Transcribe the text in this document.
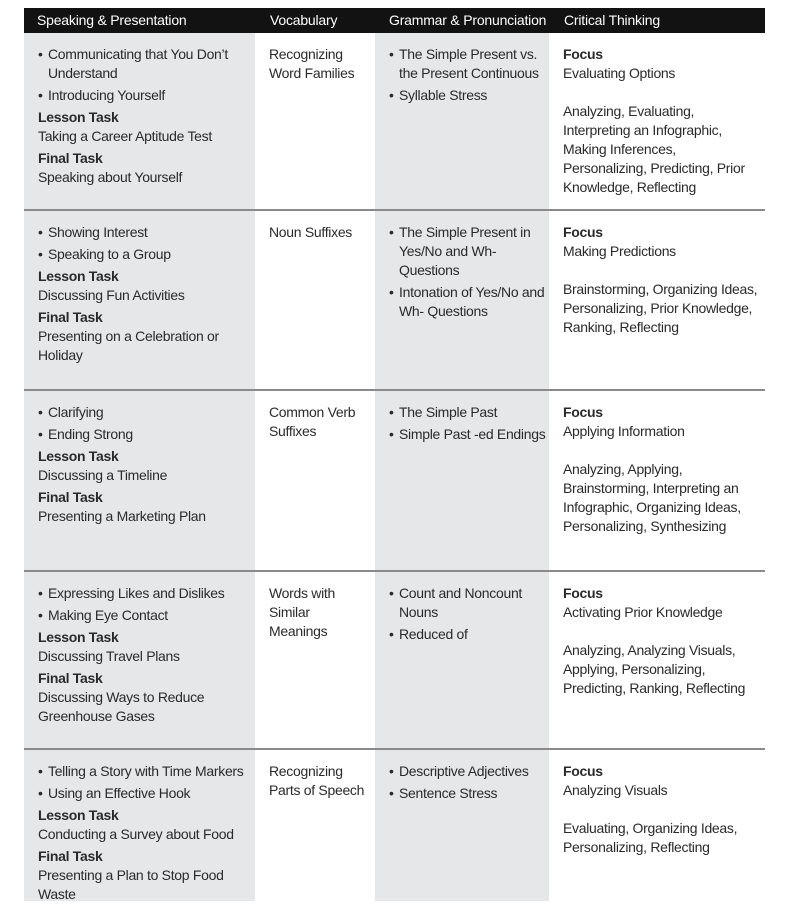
Speaking & Presentation	Vocabulary	Grammar & Pronunciation Critical Thinking
• Communicating that You Don’t Understand
• Introducing Yourself
Lesson Task
Taking a Career Aptitude Test
Final Task
Speaking about Yourself
Recognizing Word Families
• The Simple Present vs. the Present Continuous
• Syllable Stress
Focus
Evaluating Options
Analyzing, Evaluating, Interpreting an Infographic, Making Inferences, Personalizing, Predicting, Prior Knowledge, Reflecting
• Showing Interest
• Speaking to a Group
Lesson Task
Discussing Fun Activities
Final Task
Presenting on a Celebration or Holiday
Noun Suffixes
•	The Simple Present in Yes/No and Wh- Questions
• Intonation of Yes/No and Wh- Questions
Focus
Making Predictions
Brainstorming, Organizing Ideas, Personalizing, Prior Knowledge, Ranking, Reflecting
• Clarifying
• Ending Strong
Lesson Task
Discussing a Timeline
Final Task
Presenting a Marketing Plan
Common Verb Suffixes
• The Simple Past
• Simple Past -ed Endings
Focus
Applying Information
Analyzing, Applying, Brainstorming, Interpreting an Infographic, Organizing Ideas, Personalizing, Synthesizing
• Expressing Likes and Dislikes
• Making Eye Contact
Lesson Task
Discussing Travel Plans
Final Task
Discussing Ways to Reduce Greenhouse Gases
Words with Similar Meanings
• Count and Noncount Nouns
• Reduced of
Focus
Activating Prior Knowledge
Analyzing, Analyzing Visuals, Applying, Personalizing, Predicting, Ranking, Reflecting
• Telling a Story with Time Markers
• Using an Effective Hook
Lesson Task
Conducting a Survey about Food
Final Task
Presenting a Plan to Stop Food Waste
Recognizing Parts of Speech
• Descriptive Adjectives
• Sentence Stress
Focus
Analyzing Visuals
Evaluating, Organizing Ideas, Personalizing, Reflecting
